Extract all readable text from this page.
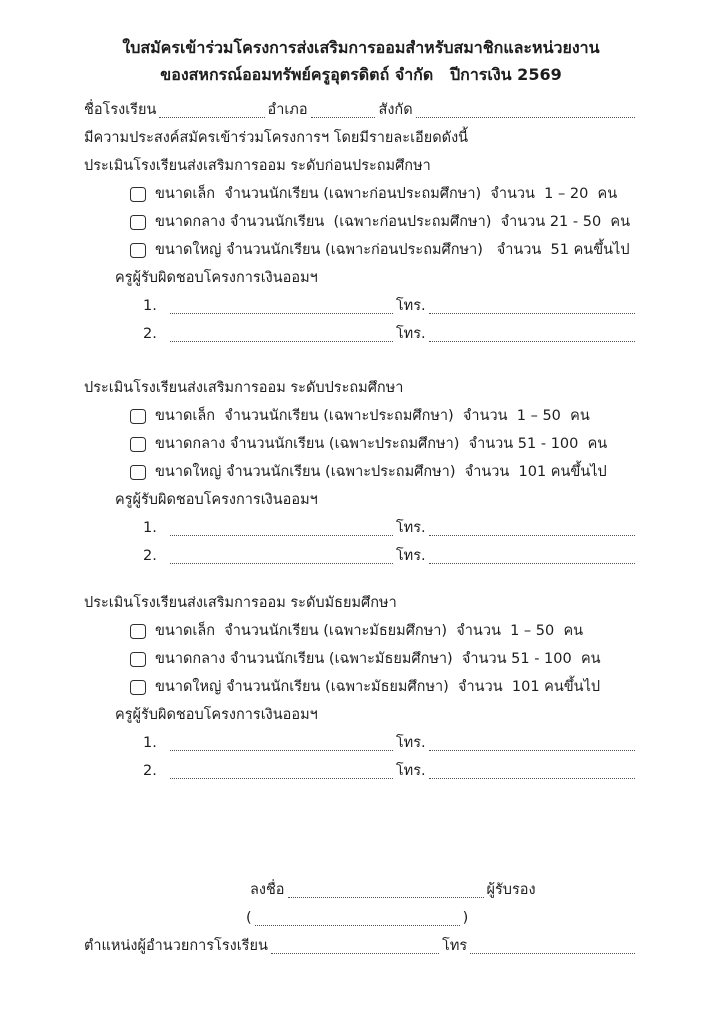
ใบสมัครเข้าร่วมโครงการส่งเสริมการออมสำหรับสมาชิกและหน่วยงาน
ของสหกรณ์ออมทรัพย์ครูอุตรดิตถ์ จำกัด   ปีการเงิน 2569
ชื่อโรงเรียน	อำเภอ	สังกัด
มีความประสงค์สมัครเข้าร่วมโครงการฯ โดยมีรายละเอียดดังนี้
ประเมินโรงเรียนส่งเสริมการออม ระดับก่อนประถมศึกษา
ขนาดเล็ก  จำนวนนักเรียน (เฉพาะก่อนประถมศึกษา)  จำนวน  1 – 20  คน
ขนาดกลาง จำนวนนักเรียน  (เฉพาะก่อนประถมศึกษา)  จำนวน 21 - 50  คน
ขนาดใหญ่ จำนวนนักเรียน (เฉพาะก่อนประถมศึกษา)   จำนวน  51 คนขึ้นไป
ครูผู้รับผิดชอบโครงการเงินออมฯ
1.	โทร.
2.	โทร.
ประเมินโรงเรียนส่งเสริมการออม ระดับประถมศึกษา
ขนาดเล็ก  จำนวนนักเรียน (เฉพาะประถมศึกษา)  จำนวน  1 – 50  คน
ขนาดกลาง จำนวนนักเรียน (เฉพาะประถมศึกษา)  จำนวน 51 - 100  คน
ขนาดใหญ่ จำนวนนักเรียน (เฉพาะประถมศึกษา)  จำนวน  101 คนขึ้นไป
ครูผู้รับผิดชอบโครงการเงินออมฯ
1.	โทร.
2.	โทร.
ประเมินโรงเรียนส่งเสริมการออม ระดับมัธยมศึกษา
ขนาดเล็ก  จำนวนนักเรียน (เฉพาะมัธยมศึกษา)  จำนวน  1 – 50  คน
ขนาดกลาง จำนวนนักเรียน (เฉพาะมัธยมศึกษา)  จำนวน 51 - 100  คน
ขนาดใหญ่ จำนวนนักเรียน (เฉพาะมัธยมศึกษา)  จำนวน  101 คนขึ้นไป
ครูผู้รับผิดชอบโครงการเงินออมฯ
1.	โทร.
2.	โทร.
ลงชื่อ	ผู้รับรอง
(	)
ตำแหน่งผู้อำนวยการโรงเรียน	โทร
